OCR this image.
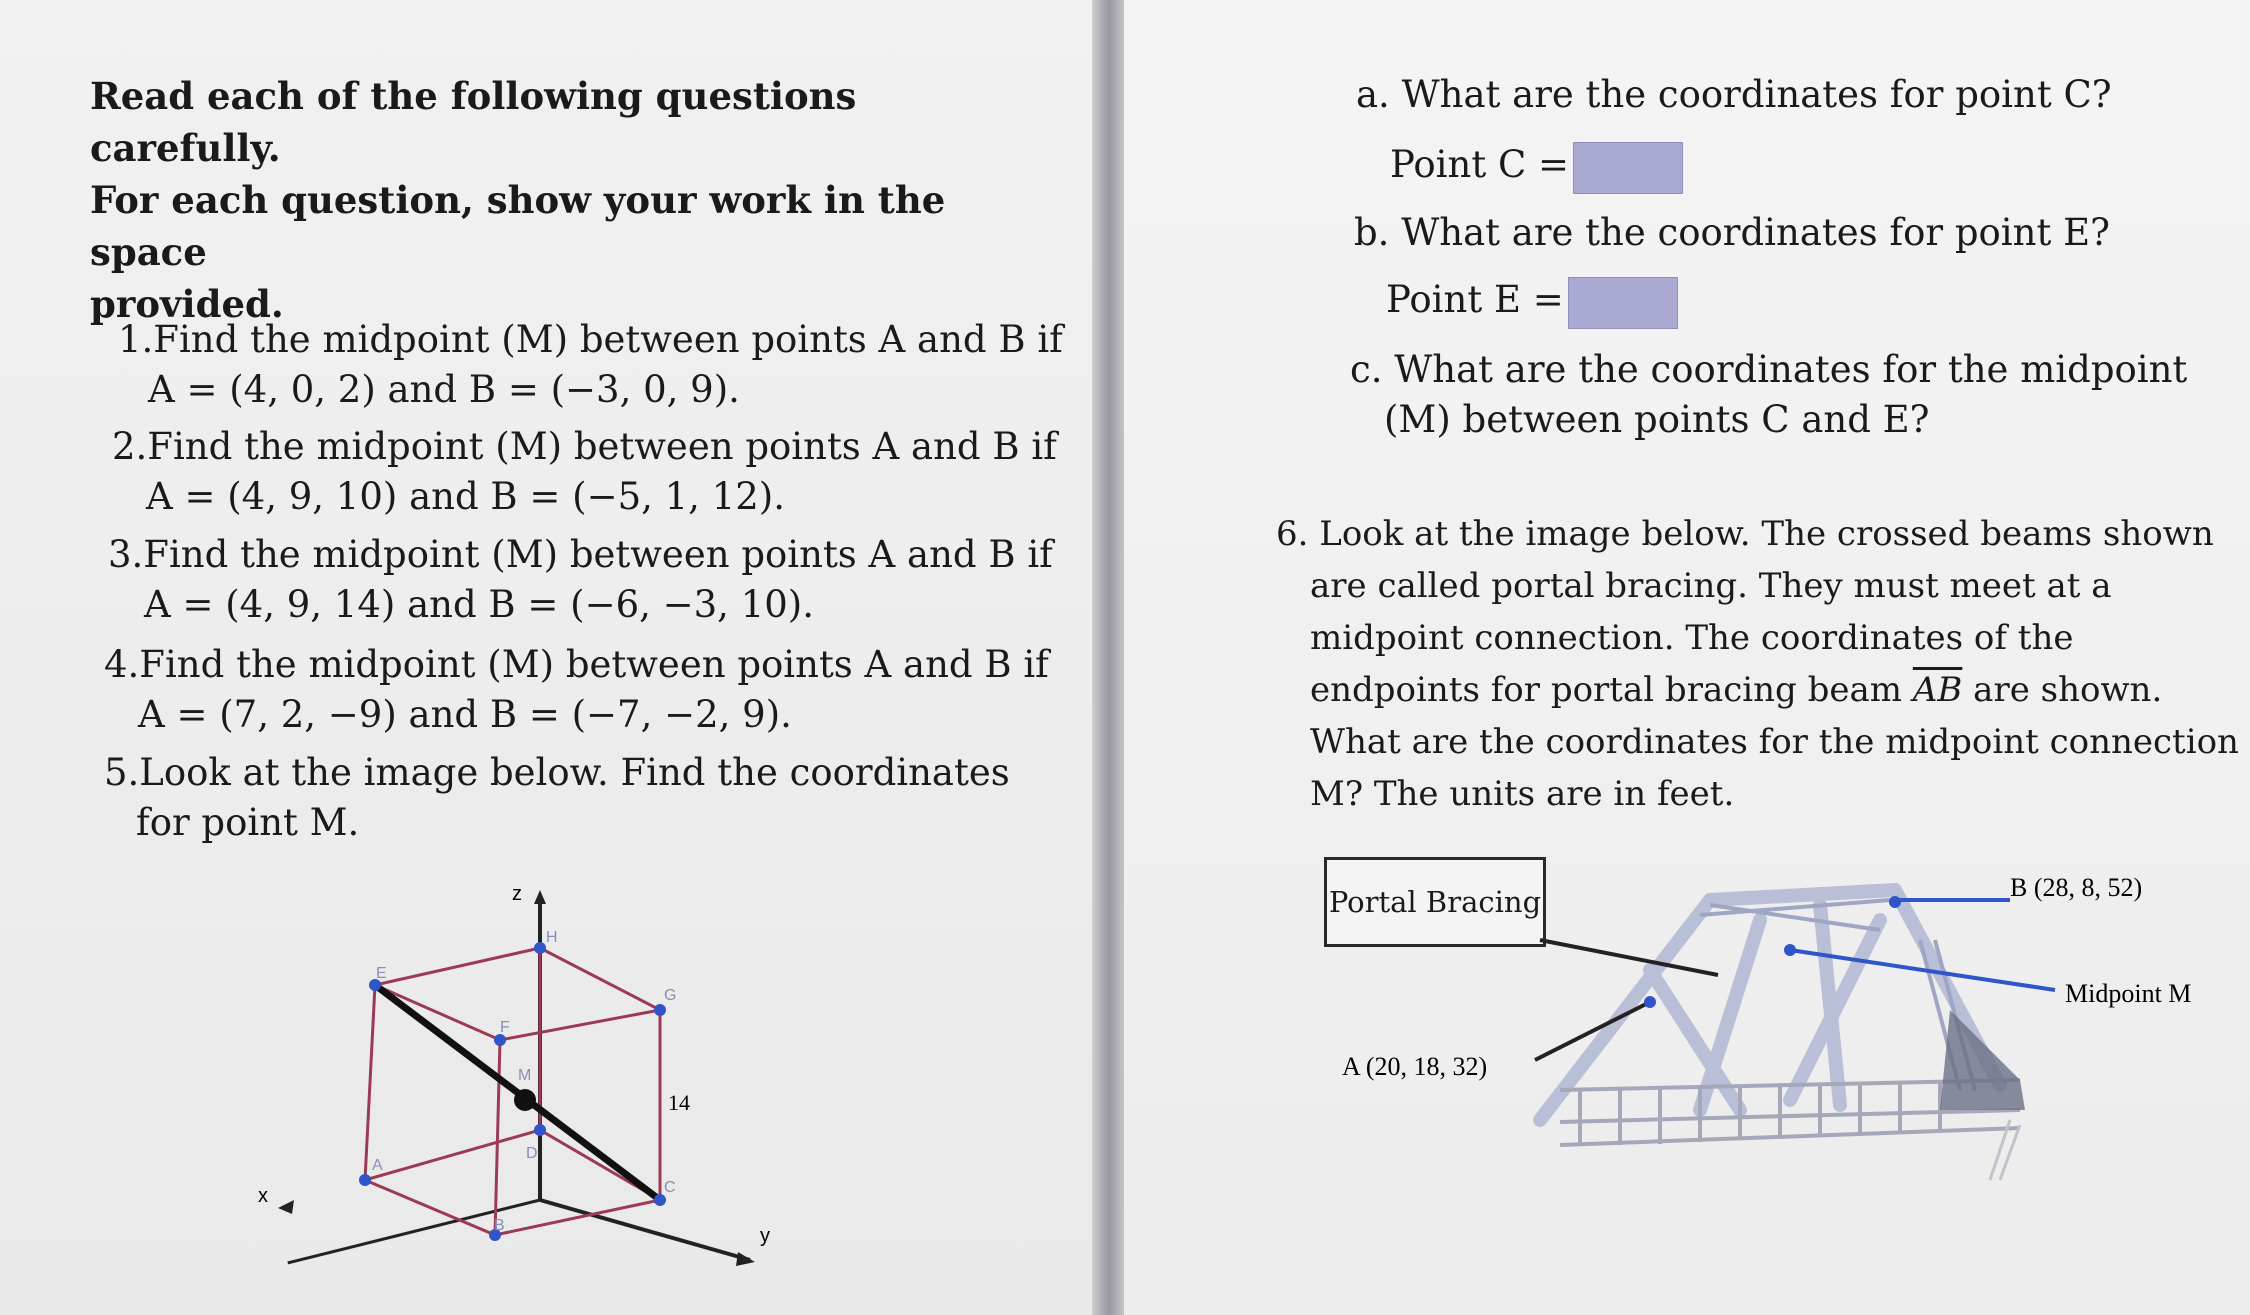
Read each of the following questions carefully.
For each question, show your work in the space
provided.
1.Find the midpoint (M) between points A and B if
A = (4, 0, 2) and B = (−3, 0, 9).
2.Find the midpoint (M) between points A and B if
A = (4, 9, 10) and B = (−5, 1, 12).
3.Find the midpoint (M) between points A and B if
A = (4, 9, 14) and B = (−6, −3, 10).
4.Find the midpoint (M) between points A and B if
A = (7, 2, −9) and B = (−7, −2, 9).
5.Look at the image below. Find the coordinates
for point M.
z
x
y
E
H
F
G
M
A
D
C
B
14
a. What are the coordinates for point C?
Point C =
b. What are the coordinates for point E?
Point E =
c. What are the coordinates for the midpoint
(M) between points C and E?
6. Look at the image below. The crossed beams shown
are called portal bracing. They must meet at a
midpoint connection. The coordinates of the
endpoints for portal bracing beam $\overline{AB}$ are shown.
What are the coordinates for the midpoint connection
M? The units are in feet.
Portal Bracing	B (28, 8, 52)
Midpoint M
A (20, 18, 32)
